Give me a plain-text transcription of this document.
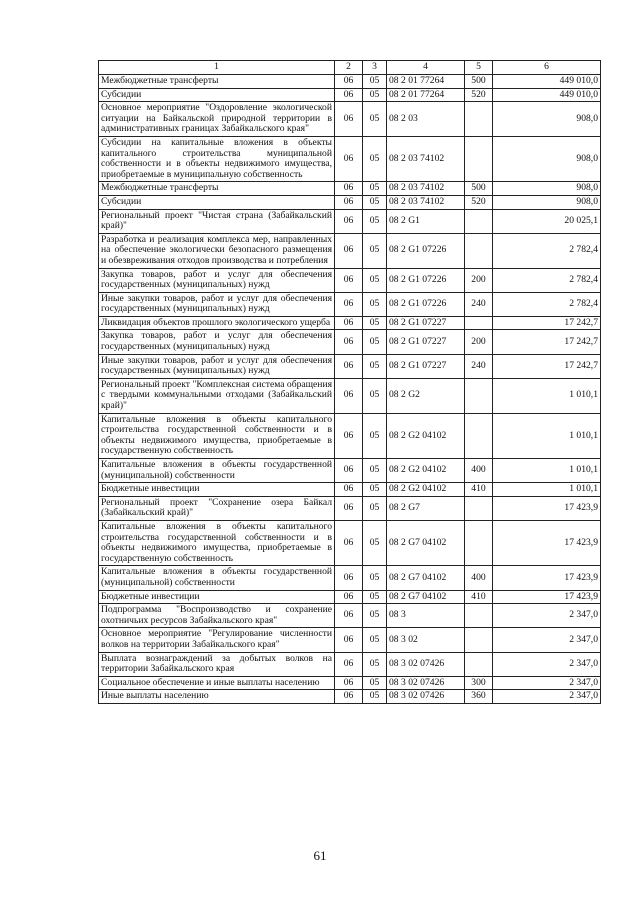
1	2	3	4	5	6
Межбюджетные трансферты	06	05	08 2 01 77264	500	449 010,0
Субсидии	06	05	08 2 01 77264	520	449 010,0
Основное мероприятие "Оздоровление экологической ситуации на Байкальской природной территории в административных границах Забайкальского края"	06	05	08 2 03		908,0
Субсидии на капитальные вложения в объекты капитального строительства муниципальной собственности и в объекты недвижимого имущества, приобретаемые в муниципальную собственность	06	05	08 2 03 74102		908,0
Межбюджетные трансферты	06	05	08 2 03 74102	500	908,0
Субсидии	06	05	08 2 03 74102	520	908,0
Региональный проект "Чистая страна (Забайкальский край)"	06	05	08 2 G1		20 025,1
Разработка и реализация комплекса мер, направленных на обеспечение экологически безопасного размещения и обезвреживания отходов производства и потребления	06	05	08 2 G1 07226		2 782,4
Закупка товаров, работ и услуг для обеспечения государственных (муниципальных) нужд	06	05	08 2 G1 07226	200	2 782,4
Иные закупки товаров, работ и услуг для обеспечения государственных (муниципальных) нужд	06	05	08 2 G1 07226	240	2 782,4
Ликвидация объектов прошлого экологического ущерба	06	05	08 2 G1 07227		17 242,7
Закупка товаров, работ и услуг для обеспечения государственных (муниципальных) нужд	06	05	08 2 G1 07227	200	17 242,7
Иные закупки товаров, работ и услуг для обеспечения государственных (муниципальных) нужд	06	05	08 2 G1 07227	240	17 242,7
Региональный проект "Комплексная система обращения с твердыми коммунальными отходами (Забайкальский край)"	06	05	08 2 G2		1 010,1
Капитальные вложения в объекты капитального строительства государственной собственности и в объекты недвижимого имущества, приобретаемые в государственную собственность	06	05	08 2 G2 04102		1 010,1
Капитальные вложения в объекты государственной (муниципальной) собственности	06	05	08 2 G2 04102	400	1 010,1
Бюджетные инвестиции	06	05	08 2 G2 04102	410	1 010,1
Региональный проект "Сохранение озера Байкал (Забайкальский край)"	06	05	08 2 G7		17 423,9
Капитальные вложения в объекты капитального строительства государственной собственности и в объекты недвижимого имущества, приобретаемые в государственную собственность	06	05	08 2 G7 04102		17 423,9
Капитальные вложения в объекты государственной (муниципальной) собственности	06	05	08 2 G7 04102	400	17 423,9
Бюджетные инвестиции	06	05	08 2 G7 04102	410	17 423,9
Подпрограмма "Воспроизводство и сохранение охотничьих ресурсов Забайкальского края"	06	05	08 3		2 347,0
Основное мероприятие "Регулирование численности волков на территории Забайкальского края"	06	05	08 3 02		2 347,0
Выплата вознаграждений за добытых волков на территории Забайкальского края	06	05	08 3 02 07426		2 347,0
Социальное обеспечение и иные выплаты населению	06	05	08 3 02 07426	300	2 347,0
Иные выплаты населению	06	05	08 3 02 07426	360	2 347,0
61
